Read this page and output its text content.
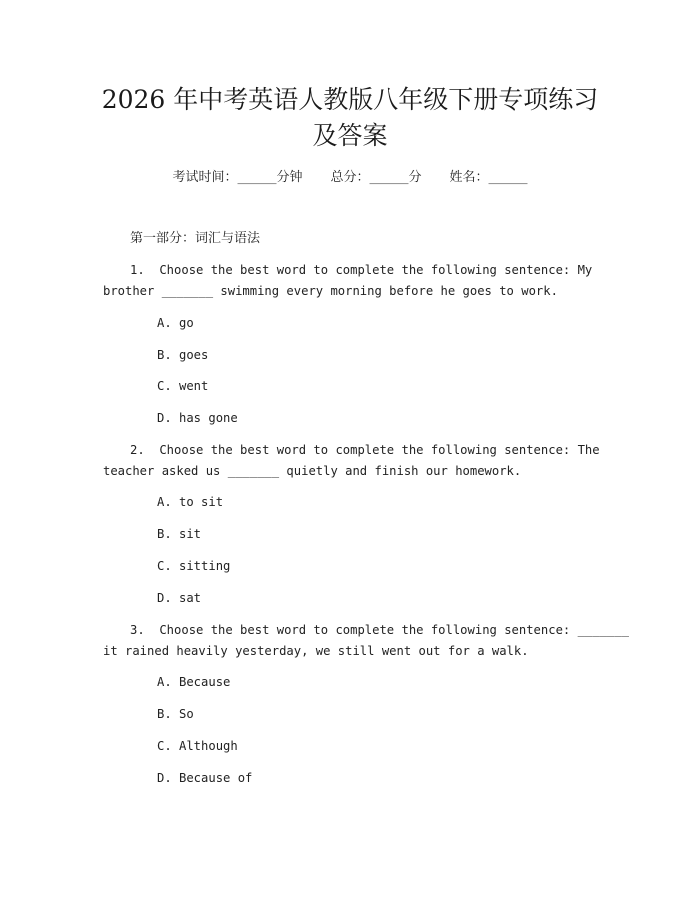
2026 年中考英语人教版八年级下册专项练习
及答案
考试时间：______分钟 总分：______分 姓名：______
第一部分：词汇与语法
1.  Choose the best word to complete the following sentence: My
brother _______ swimming every morning before he goes to work.
A. go
B. goes
C. went
D. has gone
2.  Choose the best word to complete the following sentence: The
teacher asked us _______ quietly and finish our homework.
A. to sit
B. sit
C. sitting
D. sat
3.  Choose the best word to complete the following sentence: _______
it rained heavily yesterday, we still went out for a walk.
A. Because
B. So
C. Although
D. Because of
